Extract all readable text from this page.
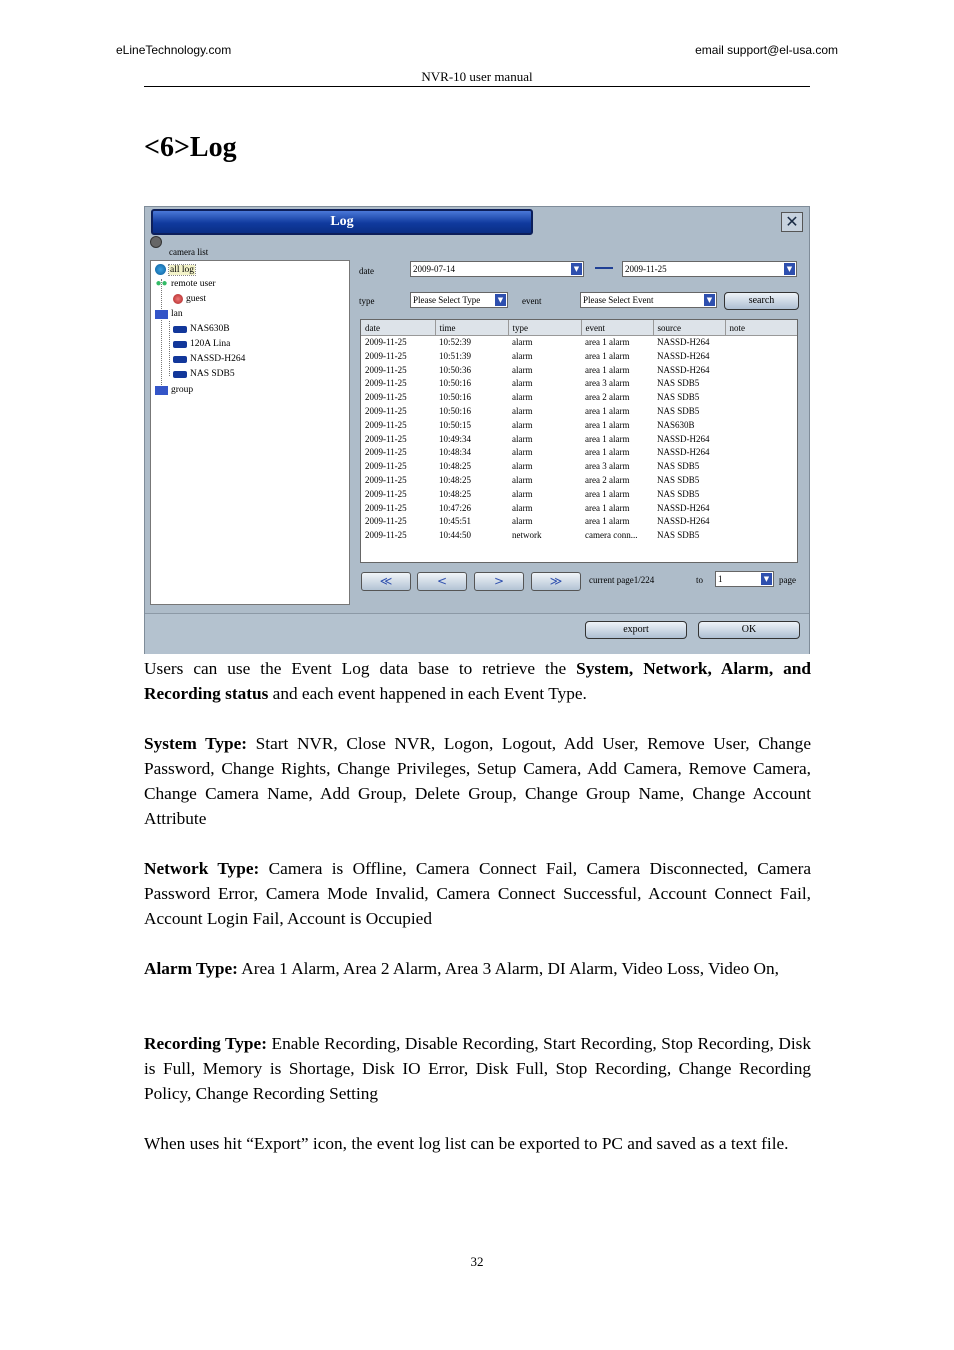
eLineTechnology.com	email support@el-usa.com
NVR-10 user manual
<6>Log
Log	✕
camera list
all log
●● remote user
guest
lan
NAS630B
120A Lina
NASSD-H264
NAS SDB5
group
date	2009-07-14	▼	2009-11-25	▼
type	Please Select Type	▼	event	Please Select Event	▼	search
date	time	type	event	source	note
2009-11-25	10:52:39	alarm	area 1 alarm	NASSD-H264	
2009-11-25	10:51:39	alarm	area 1 alarm	NASSD-H264	
2009-11-25	10:50:36	alarm	area 1 alarm	NASSD-H264	
2009-11-25	10:50:16	alarm	area 3 alarm	NAS SDB5	
2009-11-25	10:50:16	alarm	area 2 alarm	NAS SDB5	
2009-11-25	10:50:16	alarm	area 1 alarm	NAS SDB5	
2009-11-25	10:50:15	alarm	area 1 alarm	NAS630B	
2009-11-25	10:49:34	alarm	area 1 alarm	NASSD-H264	
2009-11-25	10:48:34	alarm	area 1 alarm	NASSD-H264	
2009-11-25	10:48:25	alarm	area 3 alarm	NAS SDB5	
2009-11-25	10:48:25	alarm	area 2 alarm	NAS SDB5	
2009-11-25	10:48:25	alarm	area 1 alarm	NAS SDB5	
2009-11-25	10:47:26	alarm	area 1 alarm	NASSD-H264	
2009-11-25	10:45:51	alarm	area 1 alarm	NASSD-H264	
2009-11-25	10:44:50	network	camera conn...	NAS SDB5	
≪	<	>	≫	current page1/224	to	1	▼	page
export	OK
Users can use the Event Log data base to retrieve the System, Network, Alarm, and Recording status and each event happened in each Event Type.
System Type: Start NVR, Close NVR, Logon, Logout, Add User, Remove User, Change Password, Change Rights, Change Privileges, Setup Camera, Add Camera, Remove Camera, Change Camera Name, Add Group, Delete Group, Change Group Name, Change Account Attribute
Network Type: Camera is Offline, Camera Connect Fail, Camera Disconnected, Camera Password Error, Camera Mode Invalid, Camera Connect Successful, Account Connect Fail, Account Login Fail, Account is Occupied
Alarm Type: Area 1 Alarm, Area 2 Alarm, Area 3 Alarm, DI Alarm, Video Loss, Video On,
Recording Type: Enable Recording, Disable Recording, Start Recording, Stop Recording, Disk is Full, Memory is Shortage, Disk IO Error, Disk Full, Stop Recording, Change Recording Policy, Change Recording Setting
When uses hit “Export” icon, the event log list can be exported to PC and saved as a text file.
32
